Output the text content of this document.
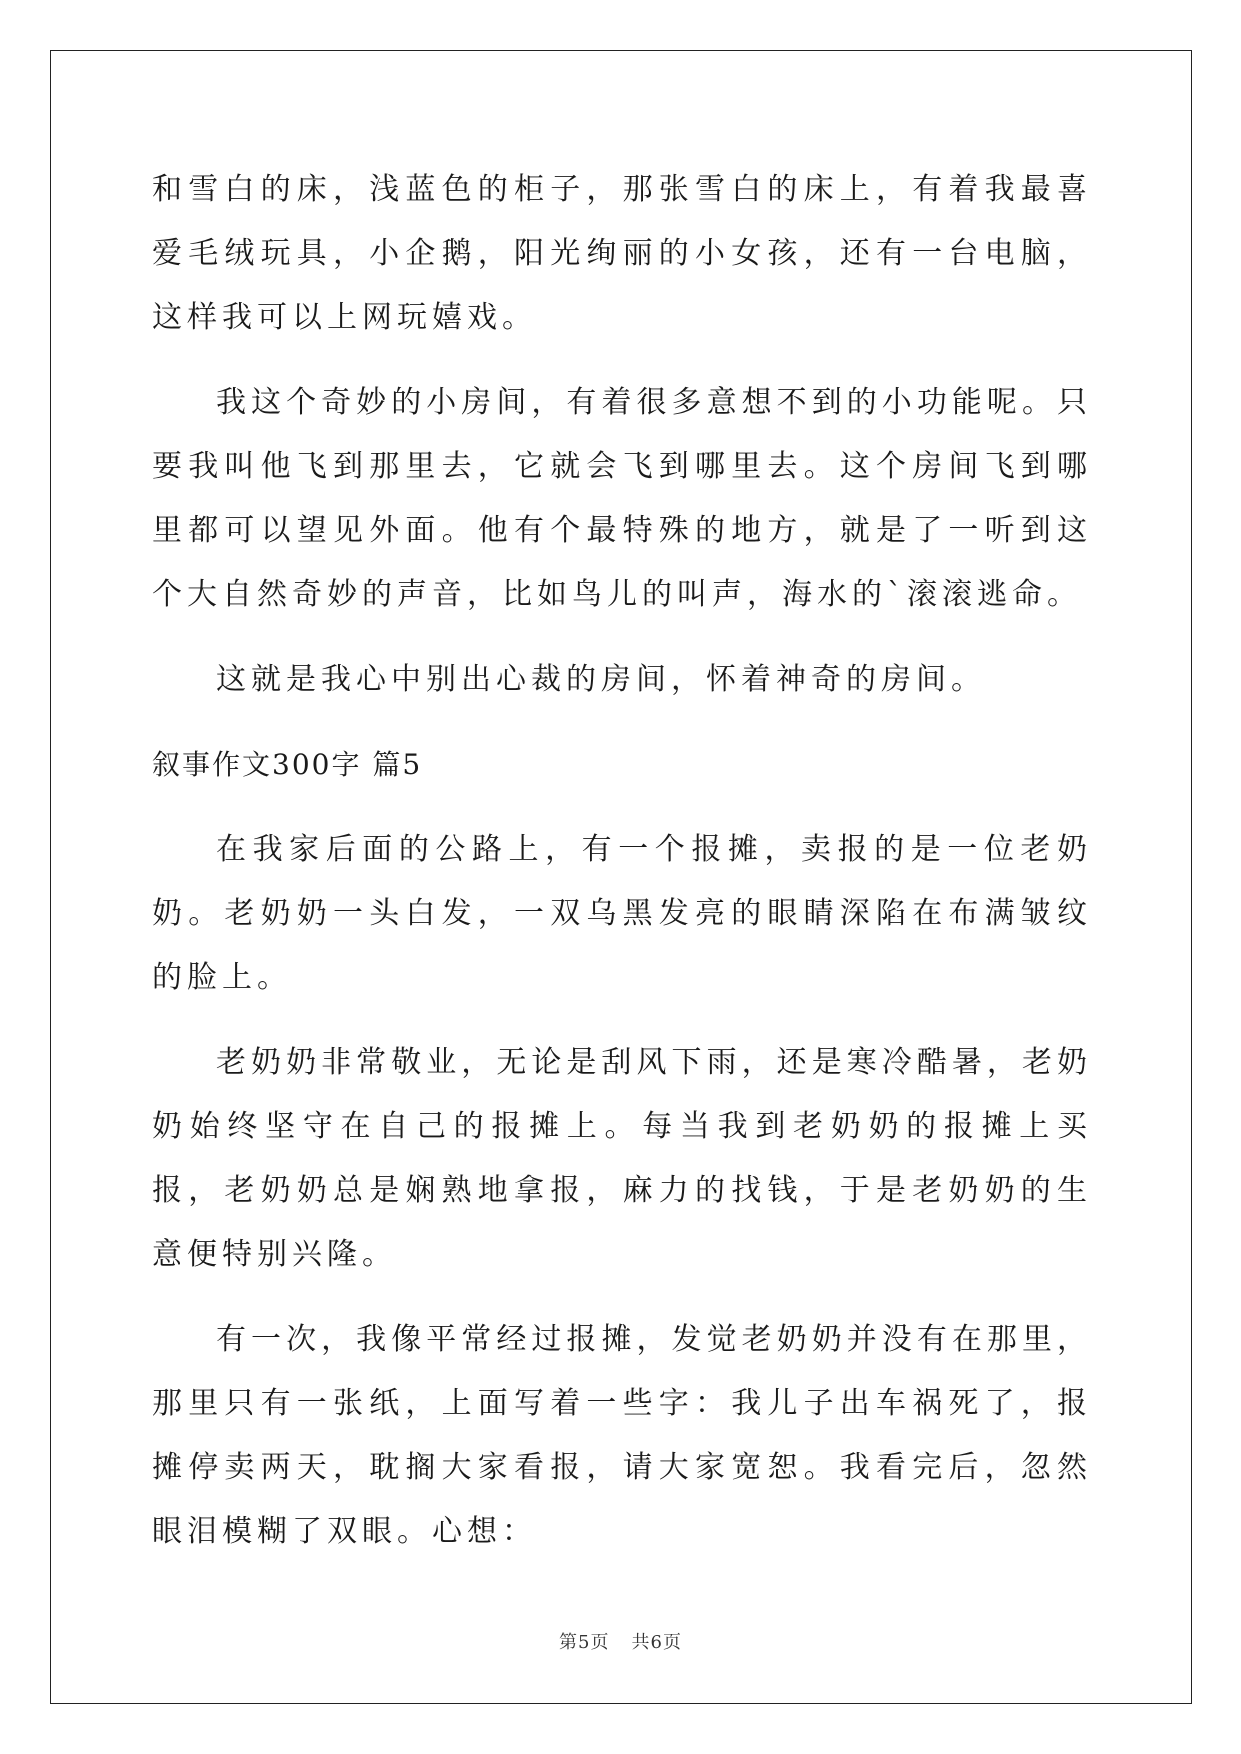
和雪白的床，浅蓝色的柜子，那张雪白的床上，有着我最喜爱毛绒玩具，小企鹅，阳光绚丽的小女孩，还有一台电脑，这样我可以上网玩嬉戏。

我这个奇妙的小房间，有着很多意想不到的小功能呢。只要我叫他飞到那里去，它就会飞到哪里去。这个房间飞到哪里都可以望见外面。他有个最特殊的地方，就是了一听到这个大自然奇妙的声音，比如鸟儿的叫声，海水的`滚滚逃命。

这就是我心中别出心裁的房间，怀着神奇的房间。

叙事作文300字 篇5

在我家后面的公路上，有一个报摊，卖报的是一位老奶奶。老奶奶一头白发，一双乌黑发亮的眼睛深陷在布满皱纹的脸上。

老奶奶非常敬业，无论是刮风下雨，还是寒冷酷暑，老奶奶始终坚守在自己的报摊上。每当我到老奶奶的报摊上买报，老奶奶总是娴熟地拿报，麻力的找钱，于是老奶奶的生意便特别兴隆。

有一次，我像平常经过报摊，发觉老奶奶并没有在那里，那里只有一张纸，上面写着一些字：我儿子出车祸死了，报摊停卖两天，耽搁大家看报，请大家宽恕。我看完后，忽然眼泪模糊了双眼。心想：

第5页 共6页
